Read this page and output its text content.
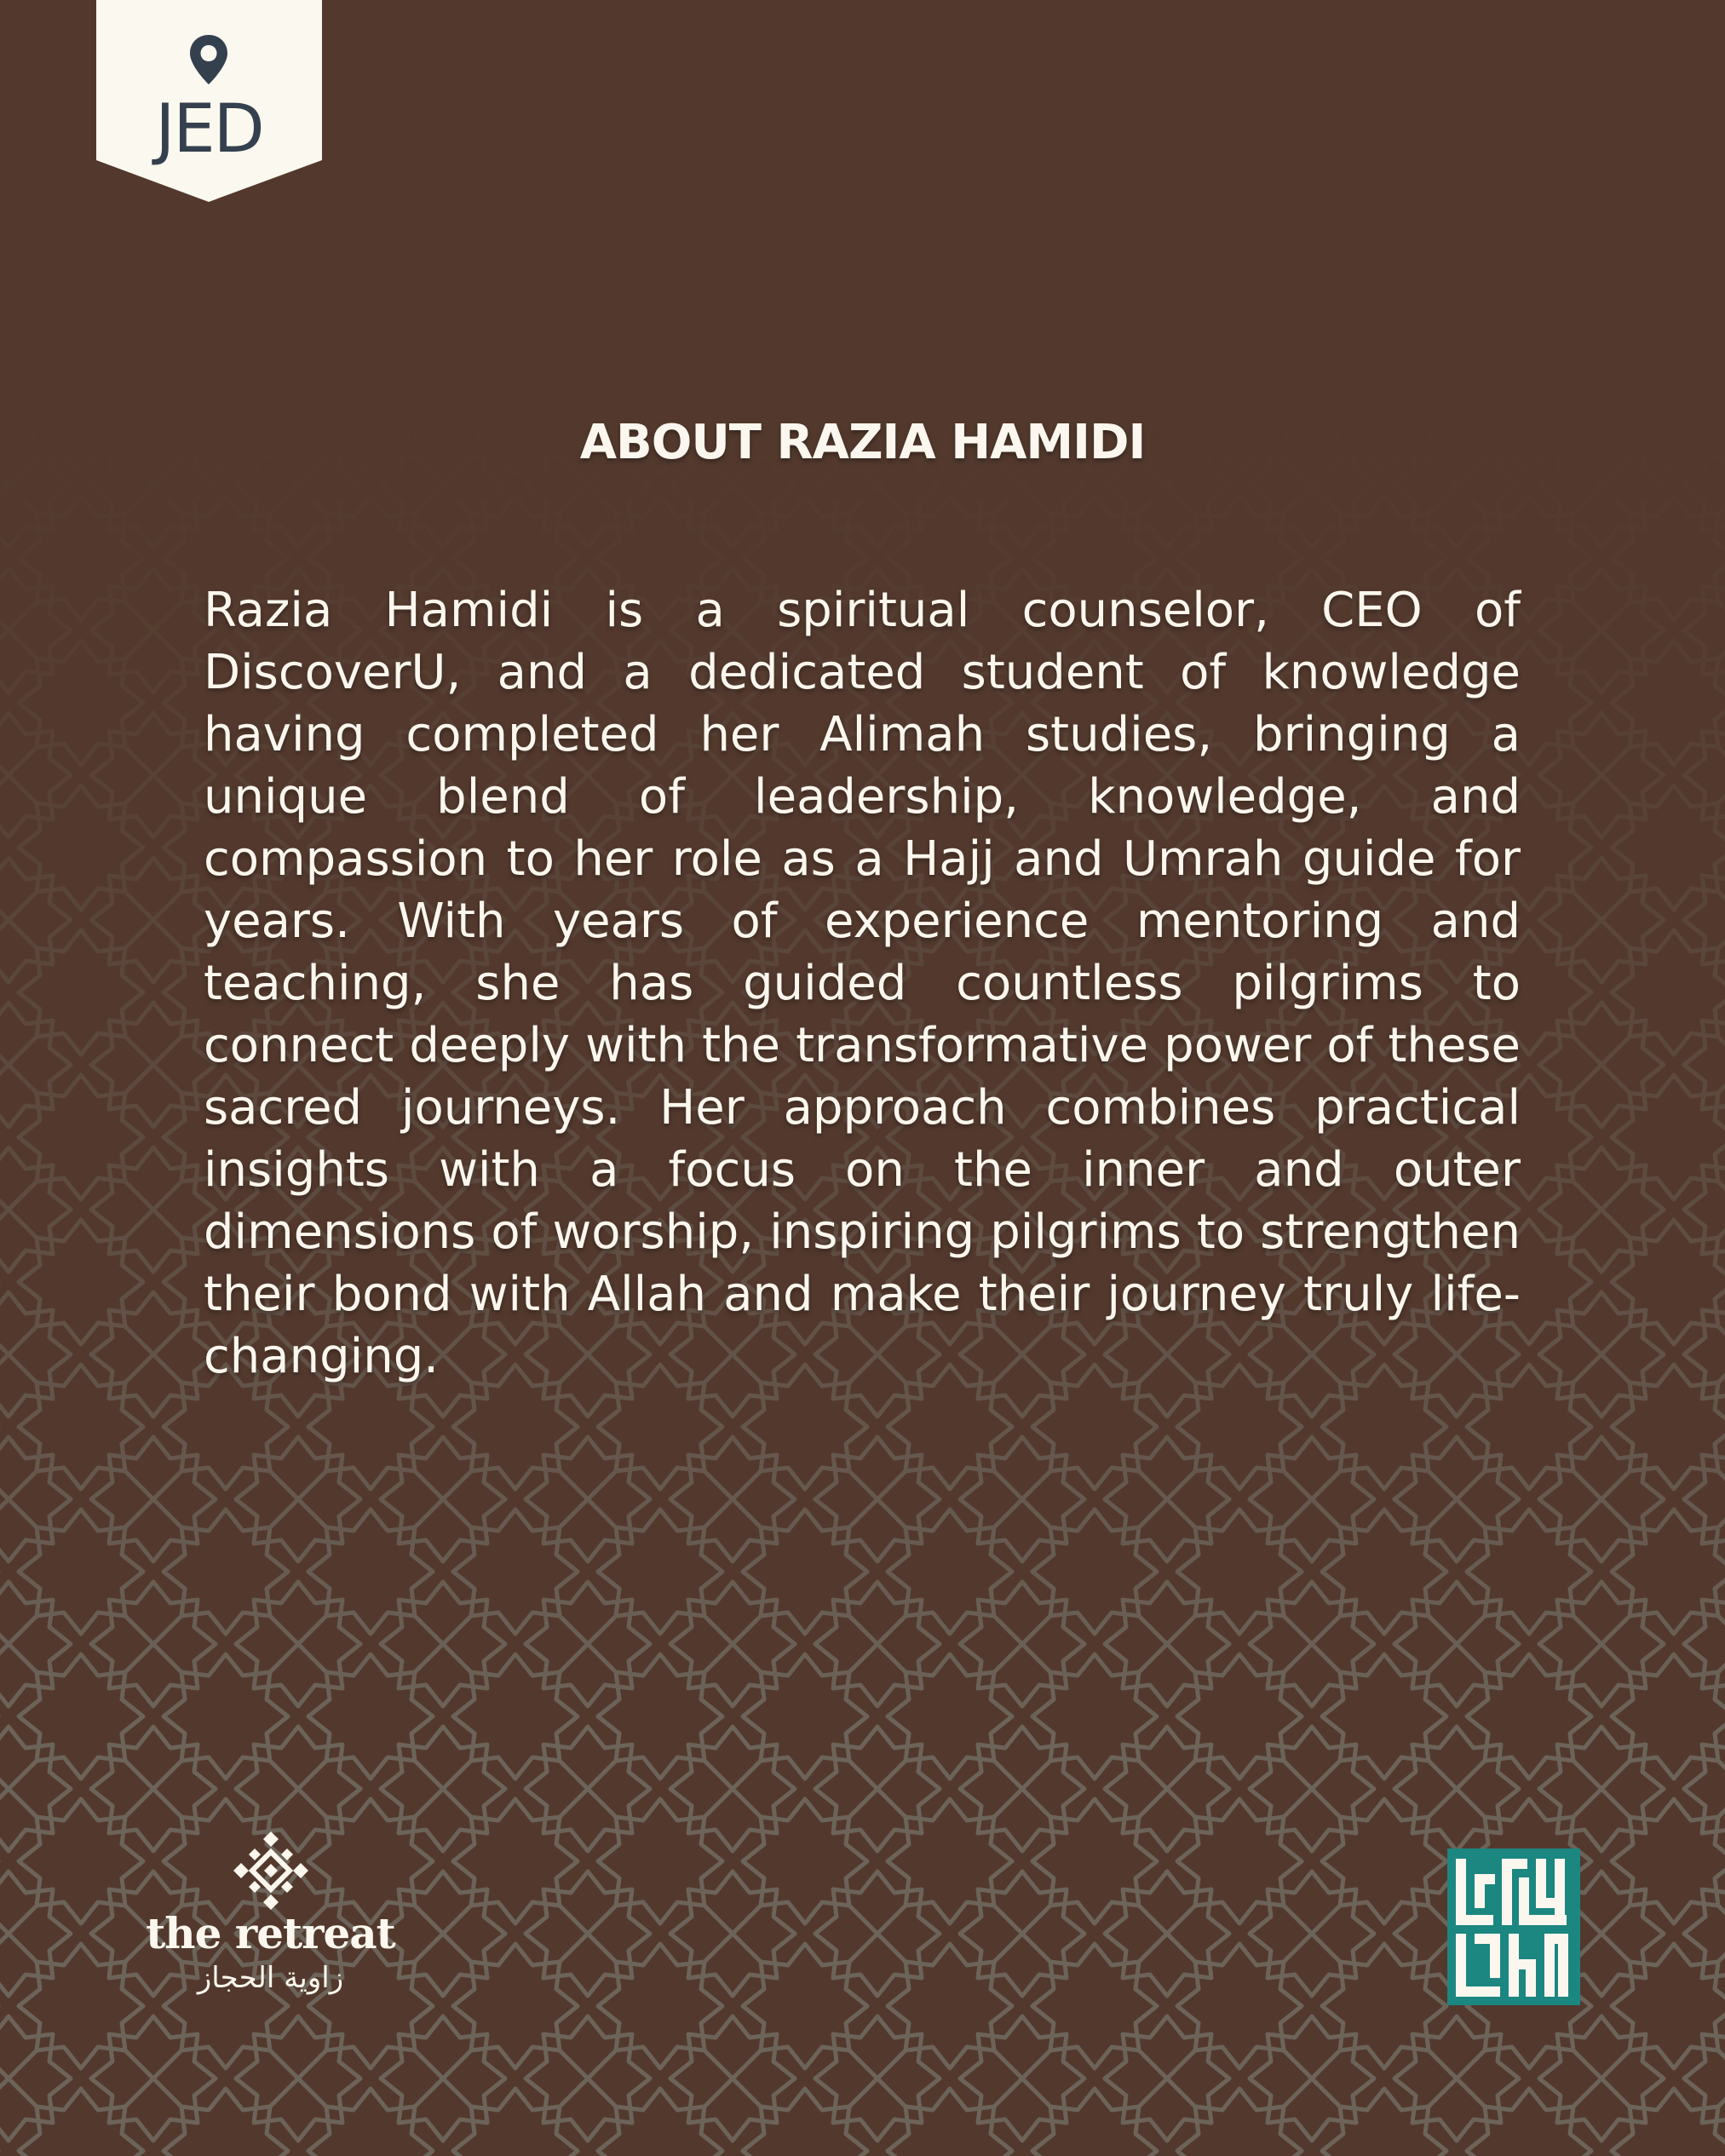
JED
ABOUT RAZIA HAMIDI

Razia Hamidi is a spiritual counselor, CEO of DiscoverU, and a dedicated student of knowledge having completed her Alimah studies, bringing a unique blend of leadership, knowledge, and compassion to her role as a Hajj and Umrah guide for years. With years of experience mentoring and teaching, she has guided countless pilgrims to connect deeply with the transformative power of these sacred journeys. Her approach combines practical insights with a focus on the inner and outer dimensions of worship, inspiring pilgrims to strengthen their bond with Allah and make their journey truly life-changing.

the retreat
زاوية الحجاز
